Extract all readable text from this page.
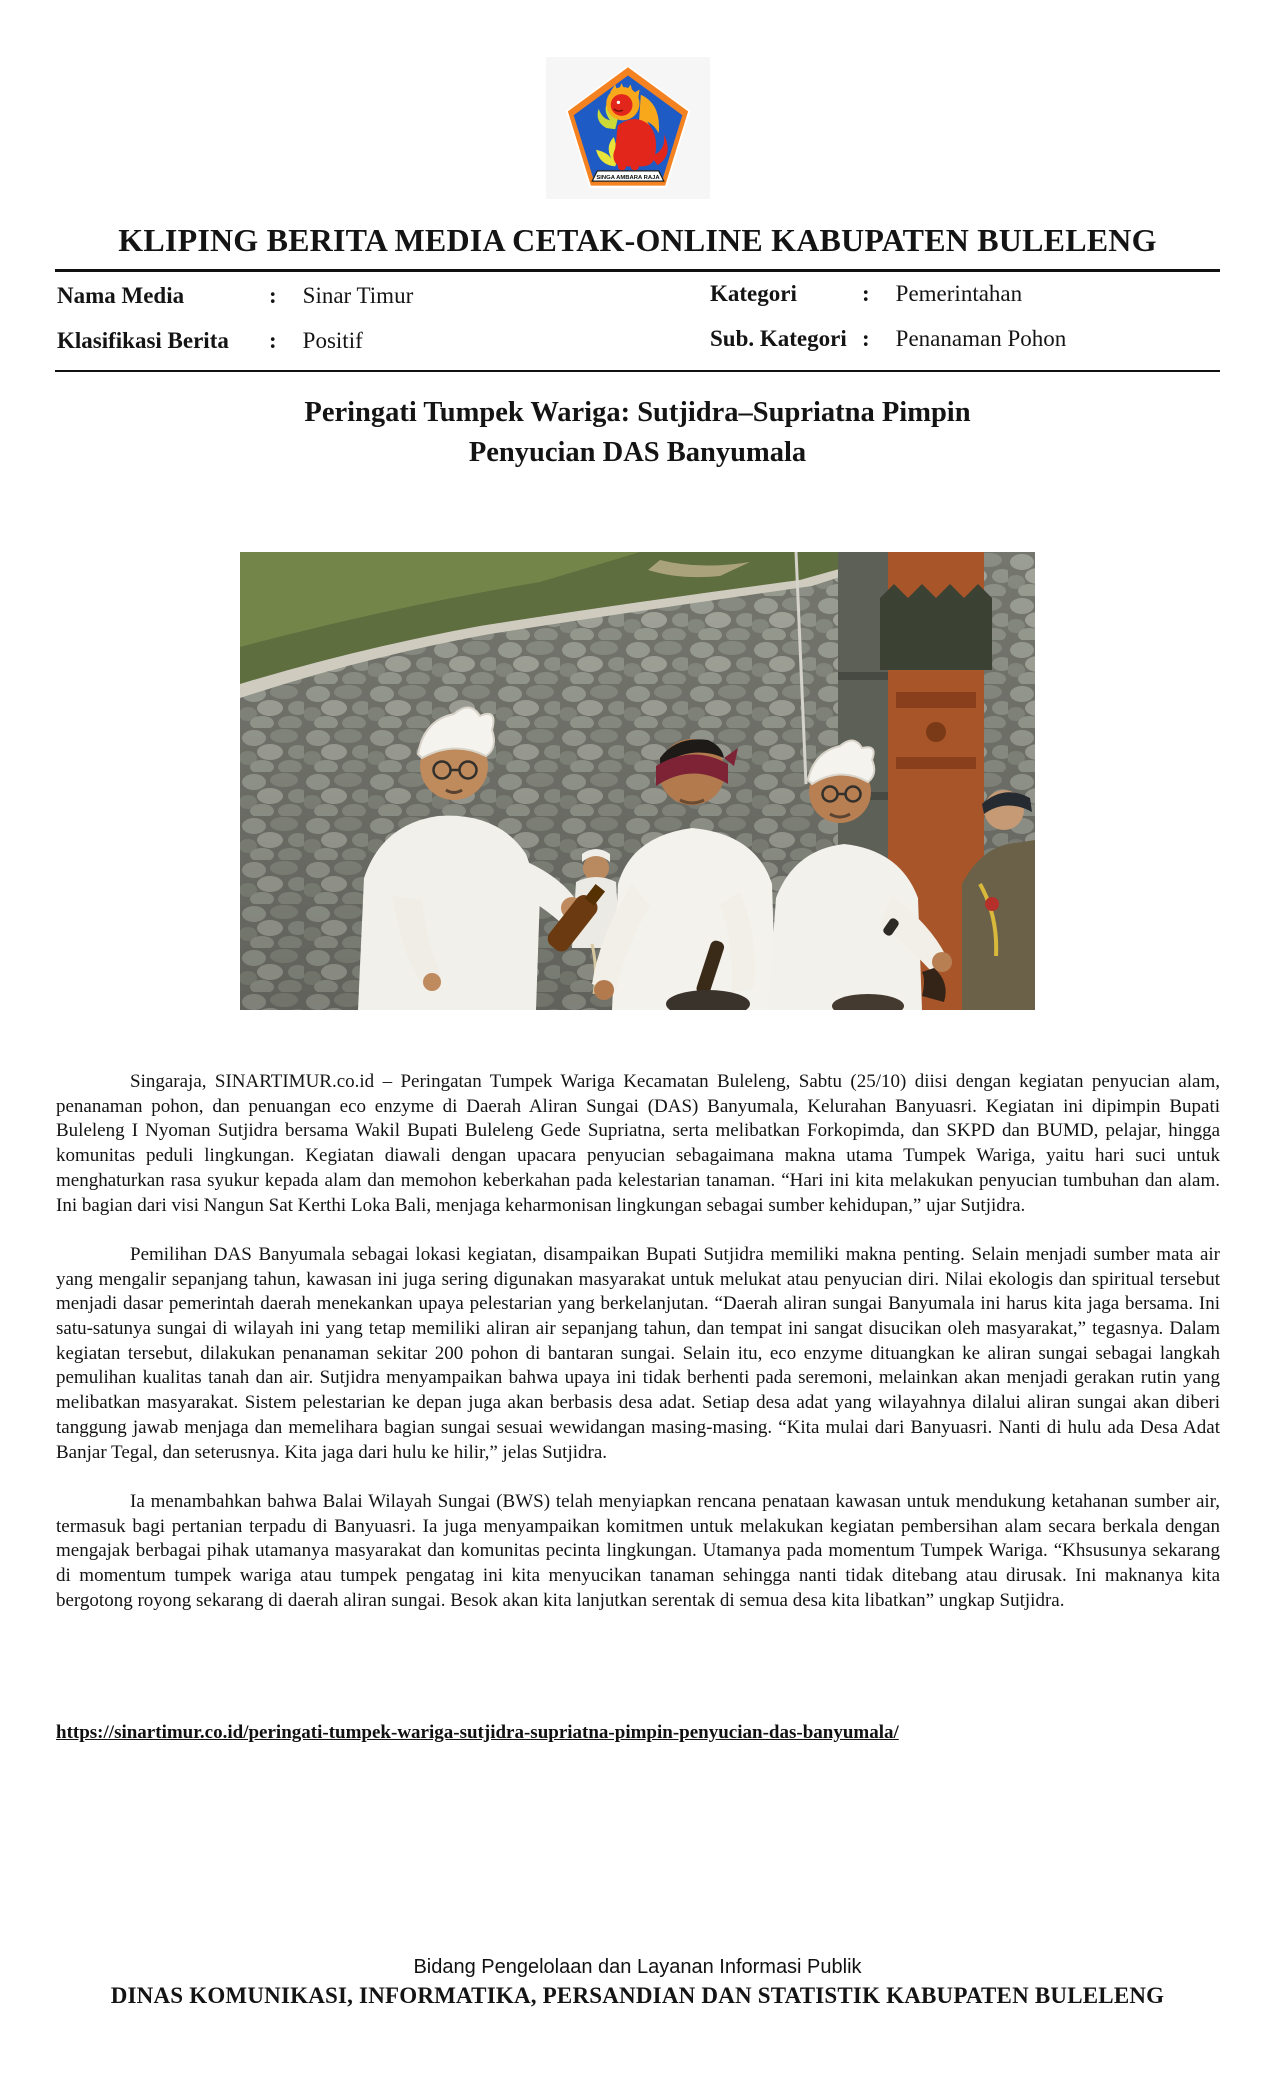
SINGA AMBARA RAJA
KLIPING BERITA MEDIA CETAK-ONLINE KABUPATEN BULELENG
Nama Media	: Sinar Timur	Kategori	: Pemerintahan
Klasifikasi Berita	: Positif	Sub. Kategori : Penanaman Pohon
Peringati Tumpek Wariga: Sutjidra–Supriatna Pimpin
Penyucian DAS Banyumala

Singaraja, SINARTIMUR.co.id – Peringatan Tumpek Wariga Kecamatan Buleleng, Sabtu (25/10) diisi dengan kegiatan penyucian alam, penanaman pohon, dan penuangan eco enzyme di Daerah Aliran Sungai (DAS) Banyumala, Kelurahan Banyuasri. Kegiatan ini dipimpin Bupati Buleleng I Nyoman Sutjidra bersama Wakil Bupati Buleleng Gede Supriatna, serta melibatkan Forkopimda, dan SKPD dan BUMD, pelajar, hingga komunitas peduli lingkungan. Kegiatan diawali dengan upacara penyucian sebagaimana makna utama Tumpek Wariga, yaitu hari suci untuk menghaturkan rasa syukur kepada alam dan memohon keberkahan pada kelestarian tanaman. “Hari ini kita melakukan penyucian tumbuhan dan alam. Ini bagian dari visi Nangun Sat Kerthi Loka Bali, menjaga keharmonisan lingkungan sebagai sumber kehidupan,” ujar Sutjidra.

Pemilihan DAS Banyumala sebagai lokasi kegiatan, disampaikan Bupati Sutjidra memiliki makna penting. Selain menjadi sumber mata air yang mengalir sepanjang tahun, kawasan ini juga sering digunakan masyarakat untuk melukat atau penyucian diri. Nilai ekologis dan spiritual tersebut menjadi dasar pemerintah daerah menekankan upaya pelestarian yang berkelanjutan. “Daerah aliran sungai Banyumala ini harus kita jaga bersama. Ini satu-satunya sungai di wilayah ini yang tetap memiliki aliran air sepanjang tahun, dan tempat ini sangat disucikan oleh masyarakat,” tegasnya. Dalam kegiatan tersebut, dilakukan penanaman sekitar 200 pohon di bantaran sungai. Selain itu, eco enzyme dituangkan ke aliran sungai sebagai langkah pemulihan kualitas tanah dan air. Sutjidra menyampaikan bahwa upaya ini tidak berhenti pada seremoni, melainkan akan menjadi gerakan rutin yang melibatkan masyarakat. Sistem pelestarian ke depan juga akan berbasis desa adat. Setiap desa adat yang wilayahnya dilalui aliran sungai akan diberi tanggung jawab menjaga dan memelihara bagian sungai sesuai wewidangan masing-masing. “Kita mulai dari Banyuasri. Nanti di hulu ada Desa Adat Banjar Tegal, dan seterusnya. Kita jaga dari hulu ke hilir,” jelas Sutjidra.

Ia menambahkan bahwa Balai Wilayah Sungai (BWS) telah menyiapkan rencana penataan kawasan untuk mendukung ketahanan sumber air, termasuk bagi pertanian terpadu di Banyuasri. Ia juga menyampaikan komitmen untuk melakukan kegiatan pembersihan alam secara berkala dengan mengajak berbagai pihak utamanya masyarakat dan komunitas pecinta lingkungan. Utamanya pada momentum Tumpek Wariga. “Khsusunya sekarang di momentum tumpek wariga atau tumpek pengatag ini kita menyucikan tanaman sehingga nanti tidak ditebang atau dirusak. Ini maknanya kita bergotong royong sekarang di daerah aliran sungai. Besok akan kita lanjutkan serentak di semua desa kita libatkan” ungkap Sutjidra.

https://sinartimur.co.id/peringati-tumpek-wariga-sutjidra-supriatna-pimpin-penyucian-das-banyumala/
Bidang Pengelolaan dan Layanan Informasi Publik
DINAS KOMUNIKASI, INFORMATIKA, PERSANDIAN DAN STATISTIK KABUPATEN BULELENG
